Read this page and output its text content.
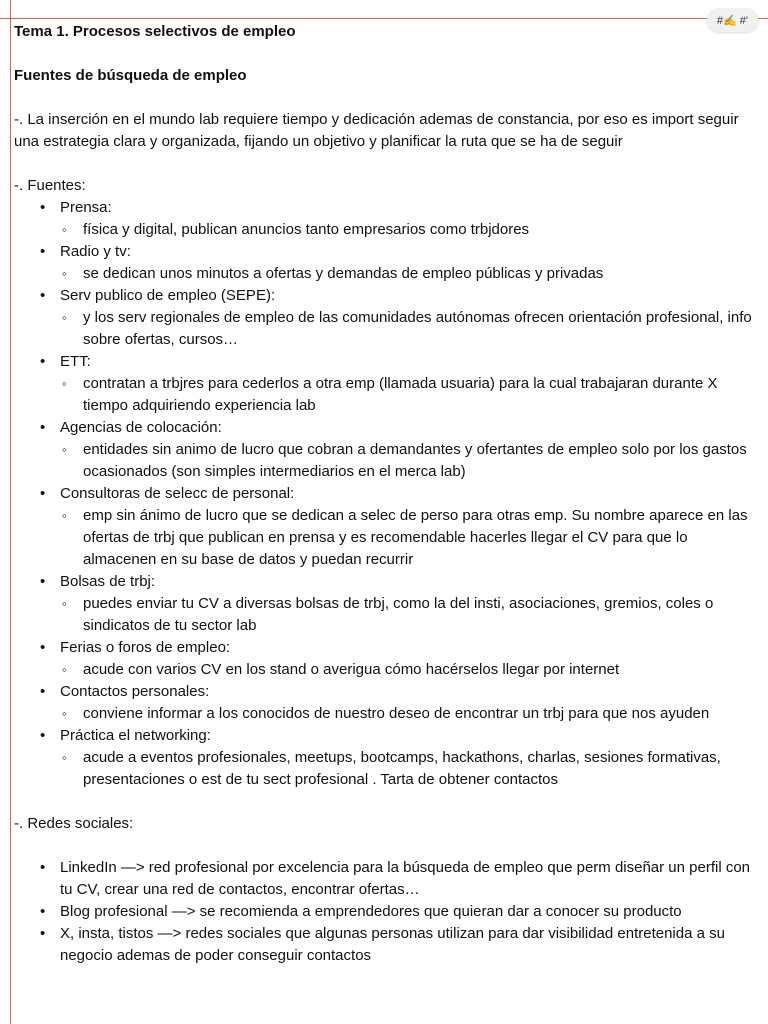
#✍️ #'

Tema 1. Procesos selectivos de empleo

Fuentes de búsqueda de empleo

-. La inserción en el mundo lab requiere tiempo y dedicación ademas de constancia, por eso es import seguir una estrategia clara y organizada, fijando un objetivo y planificar la ruta que se ha de seguir

-. Fuentes:

• Prensa:
◦ física y digital, publican anuncios tanto empresarios como trbjdores
• Radio y tv:
◦ se dedican unos minutos a ofertas y demandas de empleo públicas y privadas
• Serv publico de empleo (SEPE):
◦ y los serv regionales de empleo de las comunidades autónomas ofrecen orientación profesional, info sobre ofertas, cursos…
• ETT:
◦ contratan a trbjres para cederlos a otra emp (llamada usuaria) para la cual trabajaran durante X tiempo adquiriendo experiencia lab
• Agencias de colocación:
◦ entidades sin animo de lucro que cobran a demandantes y ofertantes de empleo solo por los gastos ocasionados (son simples intermediarios en el merca lab)
• Consultoras de selecc de personal:
◦ emp sin ánimo de lucro que se dedican a selec de perso para otras emp. Su nombre aparece en las ofertas de trbj que publican en prensa y es recomendable hacerles llegar el CV para que lo almacenen en su base de datos y puedan recurrir
• Bolsas de trbj:
◦ puedes enviar tu CV a diversas bolsas de trbj, como la del insti, asociaciones, gremios, coles o sindicatos de tu sector lab
• Ferias o foros de empleo:
◦ acude con varios CV en los stand o averigua cómo hacérselos llegar por internet
• Contactos personales:
◦ conviene informar a los conocidos de nuestro deseo de encontrar un trbj para que nos ayuden
• Práctica el networking:
◦ acude a eventos profesionales, meetups, bootcamps, hackathons, charlas, sesiones formativas, presentaciones o est de tu sect profesional . Tarta de obtener contactos

-. Redes sociales:

• LinkedIn —> red profesional por excelencia para la búsqueda de empleo que perm diseñar un perfil con tu CV, crear una red de contactos, encontrar ofertas…
• Blog profesional —> se recomienda a emprendedores que quieran dar a conocer su producto
• X, insta, tistos —> redes sociales que algunas personas utilizan para dar visibilidad entretenida a su negocio ademas de poder conseguir contactos
